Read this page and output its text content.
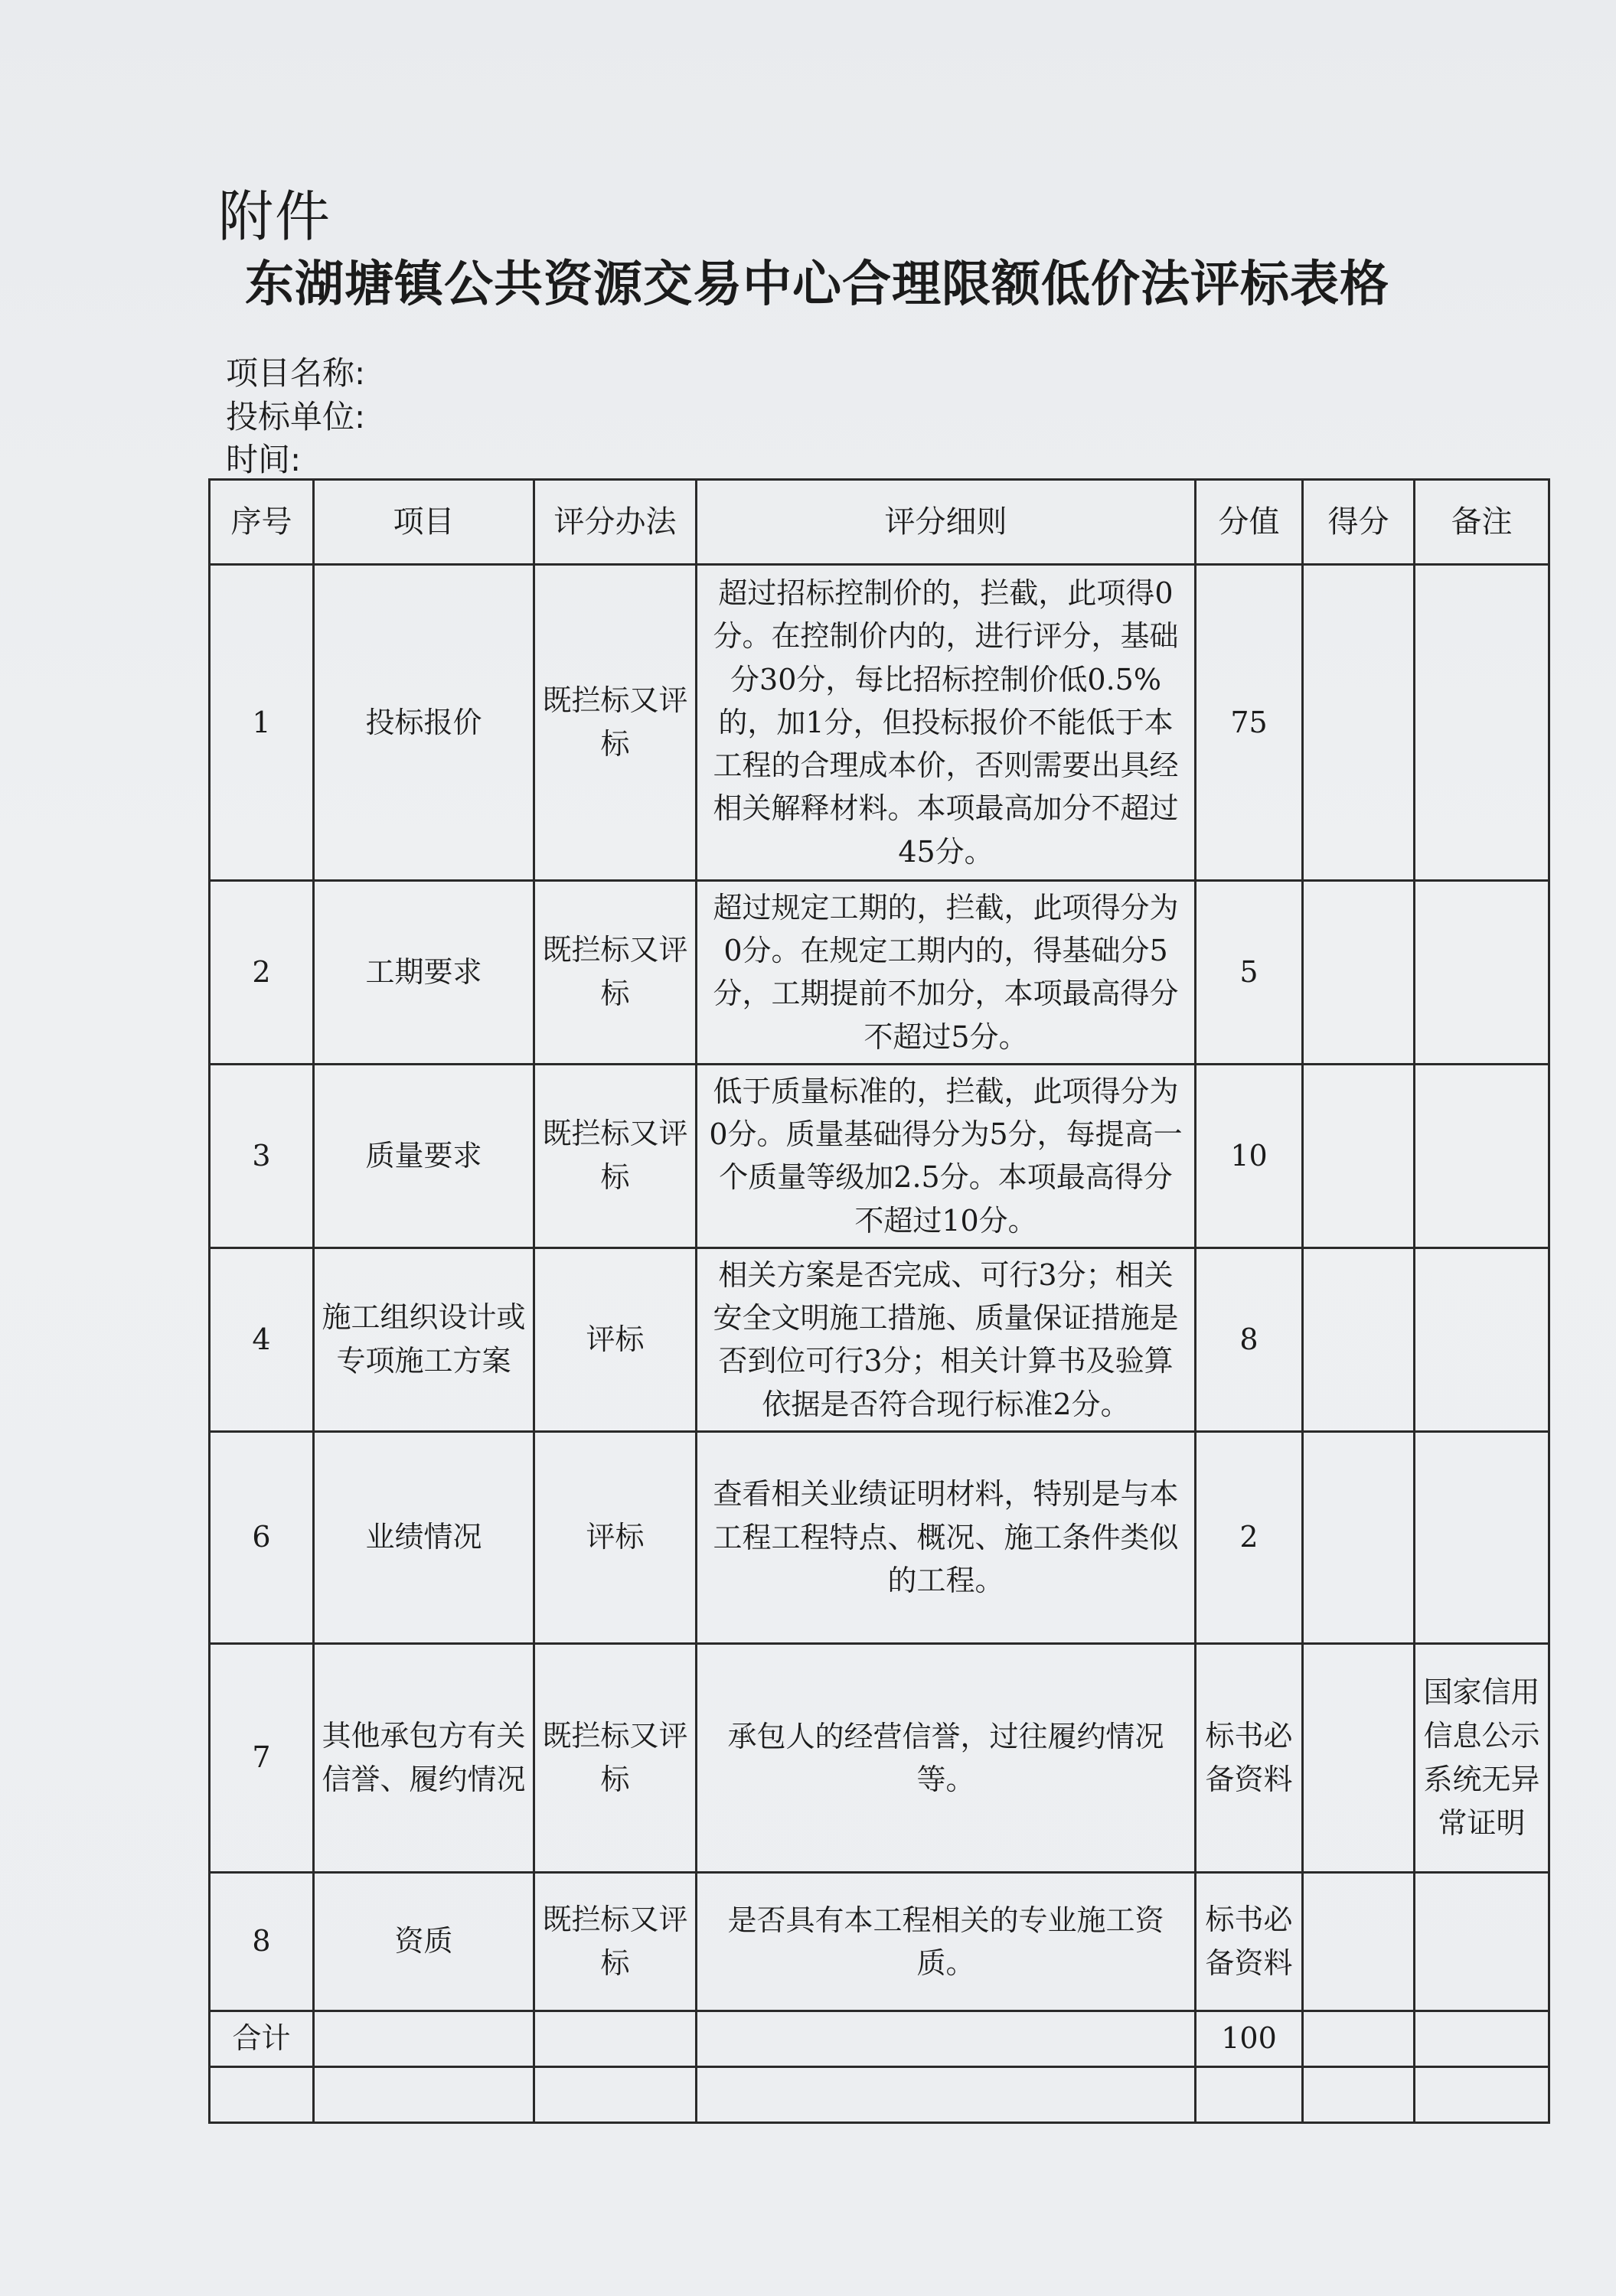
附件
东湖塘镇公共资源交易中心合理限额低价法评标表格
项目名称:
投标单位:
时间:
序号	项目	评分办法	评分细则	分值	得分	备注
1	投标报价	既拦标又评标	超过招标控制价的，拦截，此项得0分。在控制价内的，进行评分，基础分30分，每比招标控制价低0.5%的，加1分，但投标报价不能低于本工程的合理成本价，否则需要出具经相关解释材料。本项最高加分不超过45分。	75		
2	工期要求	既拦标又评标	超过规定工期的，拦截，此项得分为0分。在规定工期内的，得基础分5分，工期提前不加分，本项最高得分不超过5分。	5		
3	质量要求	既拦标又评标	低于质量标准的，拦截，此项得分为0分。质量基础得分为5分，每提高一个质量等级加2.5分。本项最高得分不超过10分。	10		
4	施工组织设计或专项施工方案	评标	相关方案是否完成、可行3分；相关安全文明施工措施、质量保证措施是否到位可行3分；相关计算书及验算依据是否符合现行标准2分。	8		
6	业绩情况	评标	查看相关业绩证明材料，特别是与本工程工程特点、概况、施工条件类似的工程。	2		
7	其他承包方有关信誉、履约情况	既拦标又评标	承包人的经营信誉，过往履约情况等。	标书必备资料		国家信用信息公示系统无异常证明
8	资质	既拦标又评标	是否具有本工程相关的专业施工资质。	标书必备资料		
合计				100		
